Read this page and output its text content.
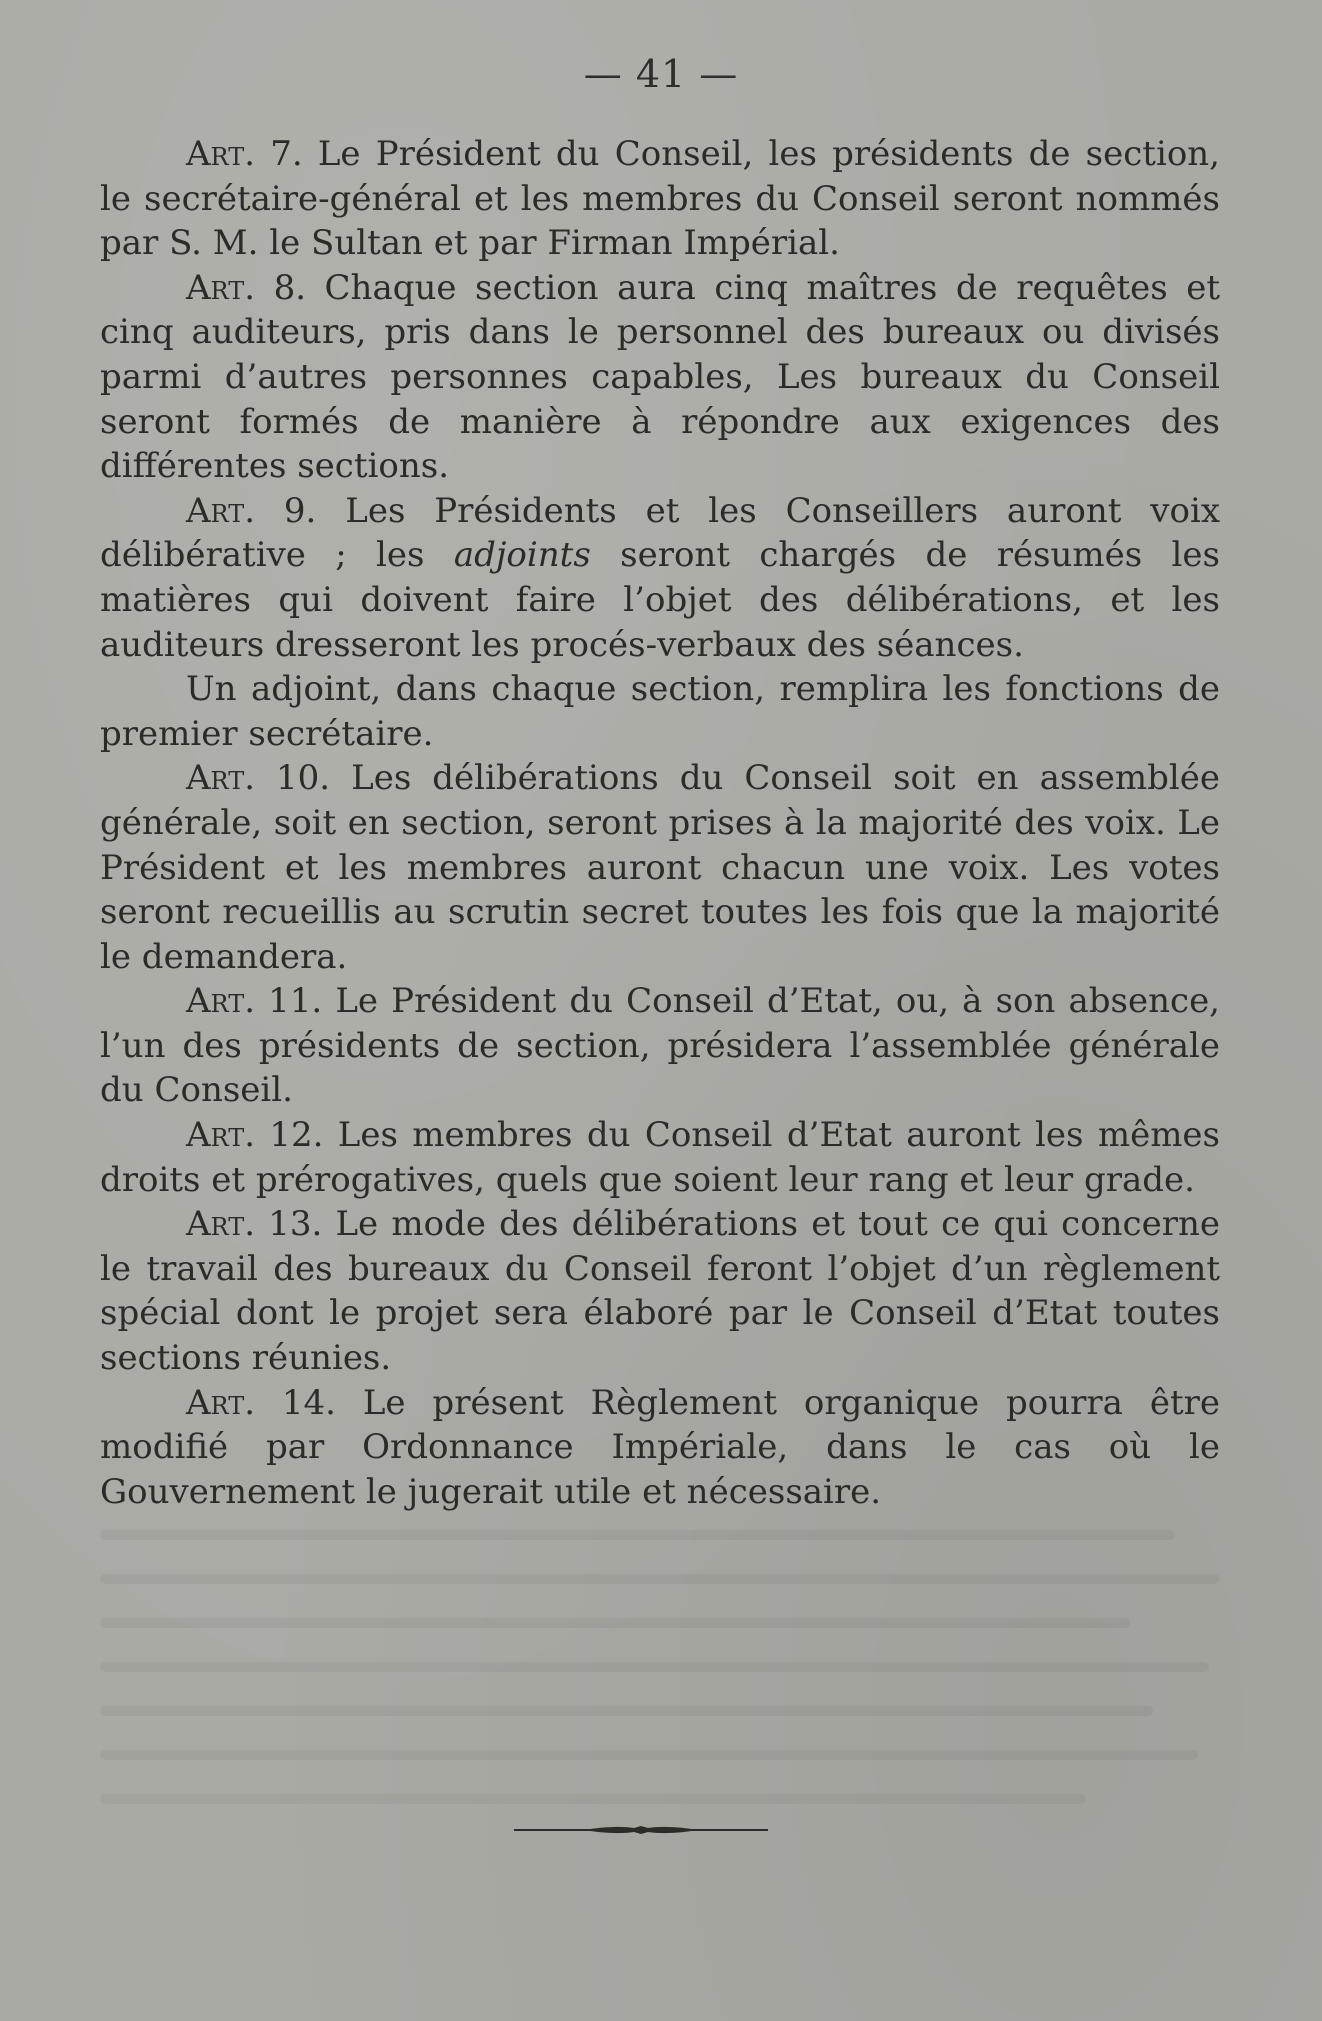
— 41 —

Art. 7. Le Président du Conseil, les présidents de section, le secrétaire-général et les membres du Conseil seront nommés par S. M. le Sultan et par Firman Impérial.

Art. 8. Chaque section aura cinq maîtres de requêtes et cinq auditeurs, pris dans le personnel des bureaux ou divisés parmi d’autres personnes capables, Les bureaux du Conseil seront formés de manière à répondre aux exigences des différentes sections.

Art. 9. Les Présidents et les Conseillers auront voix délibérative ; les adjoints seront chargés de résumés les matières qui doivent faire l’objet des délibérations, et les auditeurs dresseront les procés-verbaux des séances.

Un adjoint, dans chaque section, remplira les fonctions de premier secrétaire.

Art. 10. Les délibérations du Conseil soit en assemblée générale, soit en section, seront prises à la majorité des voix. Le Président et les membres auront chacun une voix. Les votes seront recueillis au scrutin secret toutes les fois que la majorité le demandera.

Art. 11. Le Président du Conseil d’Etat, ou, à son absence, l’un des présidents de section, présidera l’assemblée générale du Conseil.

Art. 12. Les membres du Conseil d’Etat auront les mêmes droits et prérogatives, quels que soient leur rang et leur grade.

Art. 13. Le mode des délibérations et tout ce qui concerne le travail des bureaux du Conseil feront l’objet d’un règlement spécial dont le projet sera élaboré par le Conseil d’Etat toutes sections réunies.

Art. 14. Le présent Règlement organique pourra être modifié par Ordonnance Impériale, dans le cas où le Gouvernement le jugerait utile et nécessaire.
